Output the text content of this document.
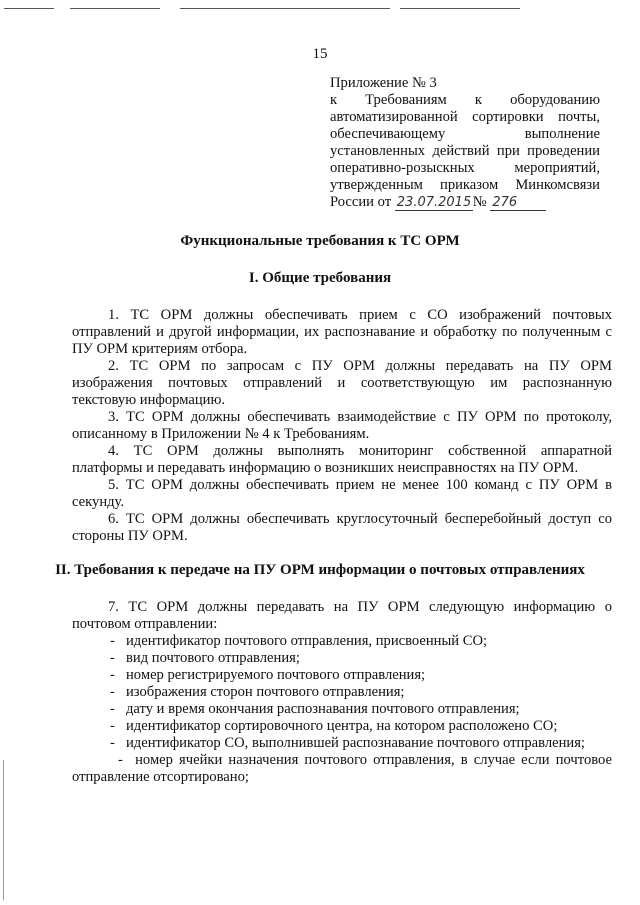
15
Приложение № 3
к Требованиям к оборудованию
автоматизированной сортировки почты,
обеспечивающему выполнение
установленных действий при проведении
оперативно-розыскных мероприятий,
утвержденным приказом Минкомсвязи
России от 23.07.2015 № 276
Функциональные требования к ТС ОРМ
I. Общие требования
1. ТС ОРМ должны обеспечивать прием с СО изображений почтовых
отправлений и другой информации, их распознавание и обработку по полученным с
ПУ ОРМ критериям отбора.
2. ТС ОРМ по запросам с ПУ ОРМ должны передавать на ПУ ОРМ
изображения почтовых отправлений и соответствующую им распознанную
текстовую информацию.
3. ТС ОРМ должны обеспечивать взаимодействие с ПУ ОРМ по протоколу,
описанному в Приложении № 4 к Требованиям.
4. ТС ОРМ должны выполнять мониторинг собственной аппаратной
платформы и передавать информацию о возникших неисправностях на ПУ ОРМ.
5. ТС ОРМ должны обеспечивать прием не менее 100 команд с ПУ ОРМ в
секунду.
6. ТС ОРМ должны обеспечивать круглосуточный бесперебойный доступ со
стороны ПУ ОРМ.
II. Требования к передаче на ПУ ОРМ информации о почтовых отправлениях
7. ТС ОРМ должны передавать на ПУ ОРМ следующую информацию о
почтовом отправлении:
- идентификатор почтового отправления, присвоенный СО;
- вид почтового отправления;
- номер регистрируемого почтового отправления;
- изображения сторон почтового отправления;
- дату и время окончания распознавания почтового отправления;
- идентификатор сортировочного центра, на котором расположено СО;
- идентификатор СО, выполнившей распознавание почтового отправления;
- номер ячейки назначения почтового отправления, в случае если почтовое
отправление отсортировано;
